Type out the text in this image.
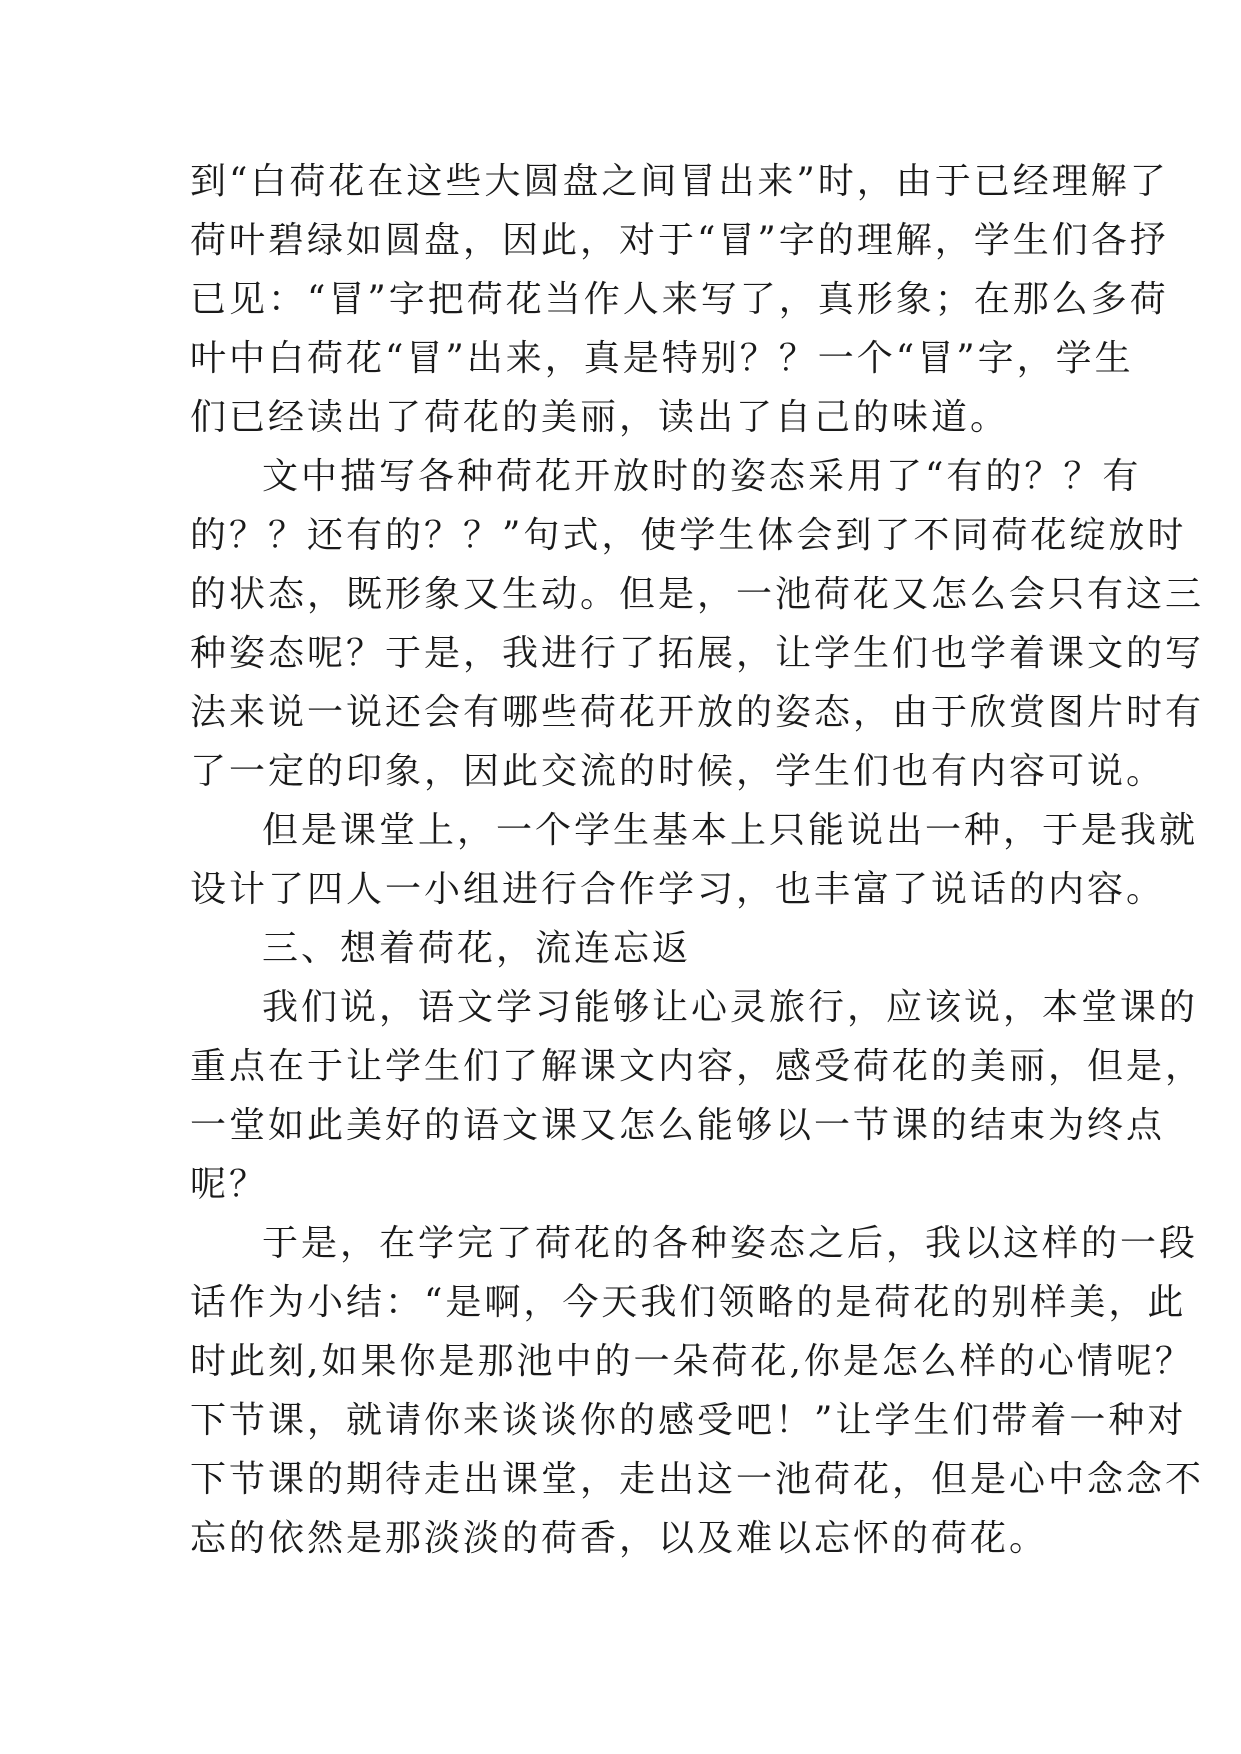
到“白荷花在这些大圆盘之间冒出来”时，由于已经理解了
荷叶碧绿如圆盘，因此，对于“冒”字的理解，学生们各抒
已见：“冒”字把荷花当作人来写了，真形象；在那么多荷
叶中白荷花“冒”出来，真是特别？？一个“冒”字，学生
们已经读出了荷花的美丽，读出了自己的味道。
文中描写各种荷花开放时的姿态采用了“有的？？有
的？？还有的？？”句式，使学生体会到了不同荷花绽放时
的状态，既形象又生动。但是，一池荷花又怎么会只有这三
种姿态呢？于是，我进行了拓展，让学生们也学着课文的写
法来说一说还会有哪些荷花开放的姿态，由于欣赏图片时有
了一定的印象，因此交流的时候，学生们也有内容可说。
但是课堂上，一个学生基本上只能说出一种，于是我就
设计了四人一小组进行合作学习，也丰富了说话的内容。
三、想着荷花，流连忘返
我们说，语文学习能够让心灵旅行，应该说，本堂课的
重点在于让学生们了解课文内容，感受荷花的美丽，但是，
一堂如此美好的语文课又怎么能够以一节课的结束为终点
呢？
于是，在学完了荷花的各种姿态之后，我以这样的一段
话作为小结：“是啊，今天我们领略的是荷花的别样美，此
时此刻,如果你是那池中的一朵荷花,你是怎么样的心情呢？
下节课，就请你来谈谈你的感受吧！”让学生们带着一种对
下节课的期待走出课堂，走出这一池荷花，但是心中念念不
忘的依然是那淡淡的荷香，以及难以忘怀的荷花。
